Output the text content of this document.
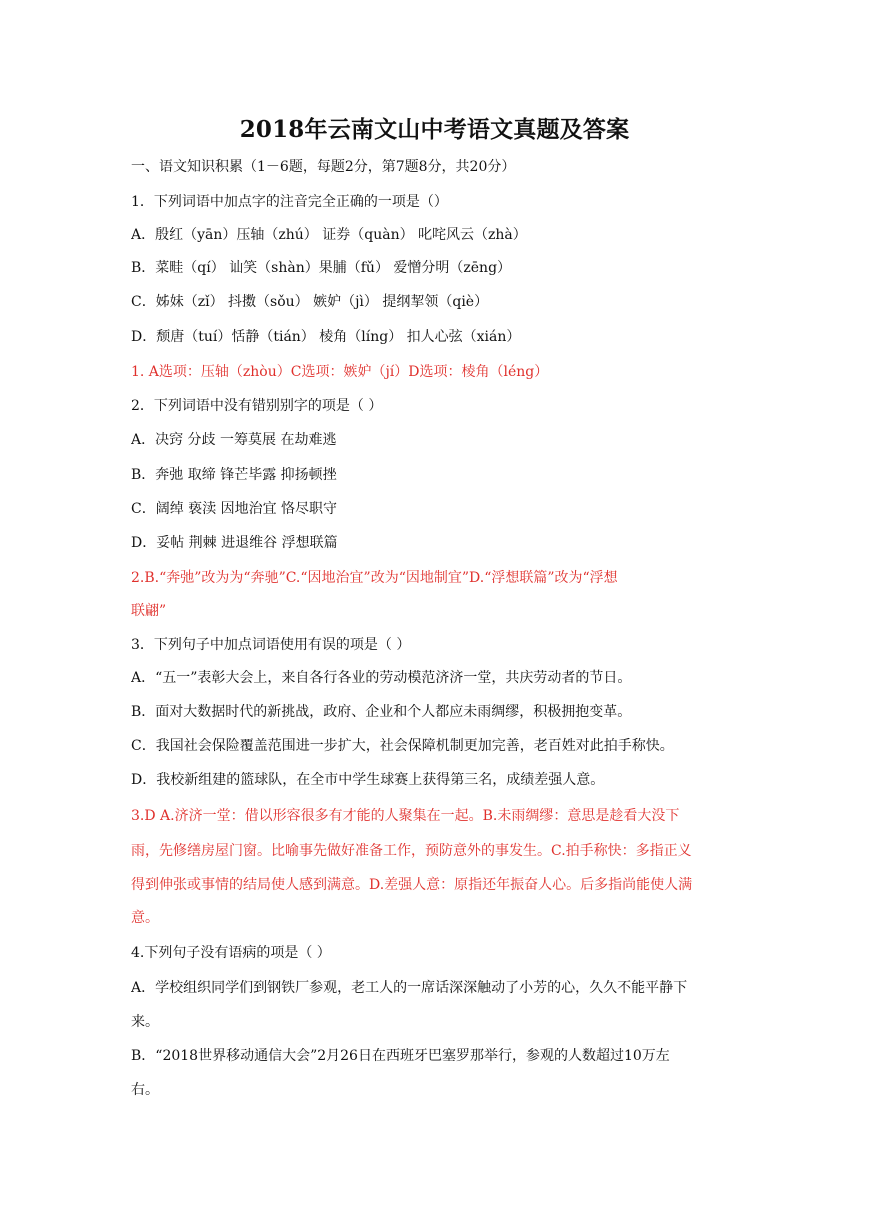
2018年云南文山中考语文真题及答案
一、语文知识积累（1－6题，每题2分，第7题8分，共20分）
1．下列词语中加点字的注音完全正确的一项是（）
A．殷红（yān）压轴（zhú） 证券（quàn） 叱咤风云（zhà）
B．菜畦（qí） 讪笑（shàn）果脯（fǔ） 爱憎分明（zēng）
C．姊妹（zǐ） 抖擞（sǒu） 嫉妒（jì） 提纲挈领（qiè）
D．颓唐（tuí）恬静（tián） 棱角（líng） 扣人心弦（xián）
1. A选项：压轴（zhòu）C选项：嫉妒（jí）D选项：棱角（léng）
2．下列词语中没有错别别字的项是（ ）
A．决窍 分歧 一筹莫展 在劫难逃
B．奔弛 取缔 锋芒毕露 抑扬顿挫
C．阔绰 亵渎 因地治宜 恪尽职守
D．妥帖 荆棘 进退维谷 浮想联篇
2.B.“奔弛”改为为“奔驰”C.“因地治宜”改为“因地制宜”D.“浮想联篇”改为“浮想
联翩”
3．下列句子中加点词语使用有误的项是（ ）
A．“五一”表彰大会上，来自各行各业的劳动模范济济一堂，共庆劳动者的节日。
B．面对大数据时代的新挑战，政府、企业和个人都应未雨绸缪，积极拥抱变革。
C．我国社会保险覆盖范围进一步扩大，社会保障机制更加完善，老百姓对此拍手称快。
D．我校新组建的篮球队，在全市中学生球赛上获得第三名，成绩差强人意。
3.D A.济济一堂：借以形容很多有才能的人聚集在一起。B.未雨绸缪：意思是趁看大没下
雨，先修缮房屋门窗。比喻事先做好准备工作，预防意外的事发生。C.拍手称快：多指正义
得到伸张或事情的结局使人感到满意。D.差强人意：原指还年振奋人心。后多指尚能使人满
意。
4.下列句子没有语病的项是（ ）
A．学校组织同学们到钢铁厂参观，老工人的一席话深深触动了小芳的心，久久不能平静下
来。
B．“2018世界移动通信大会”2月26日在西班牙巴塞罗那举行，参观的人数超过10万左
右。
